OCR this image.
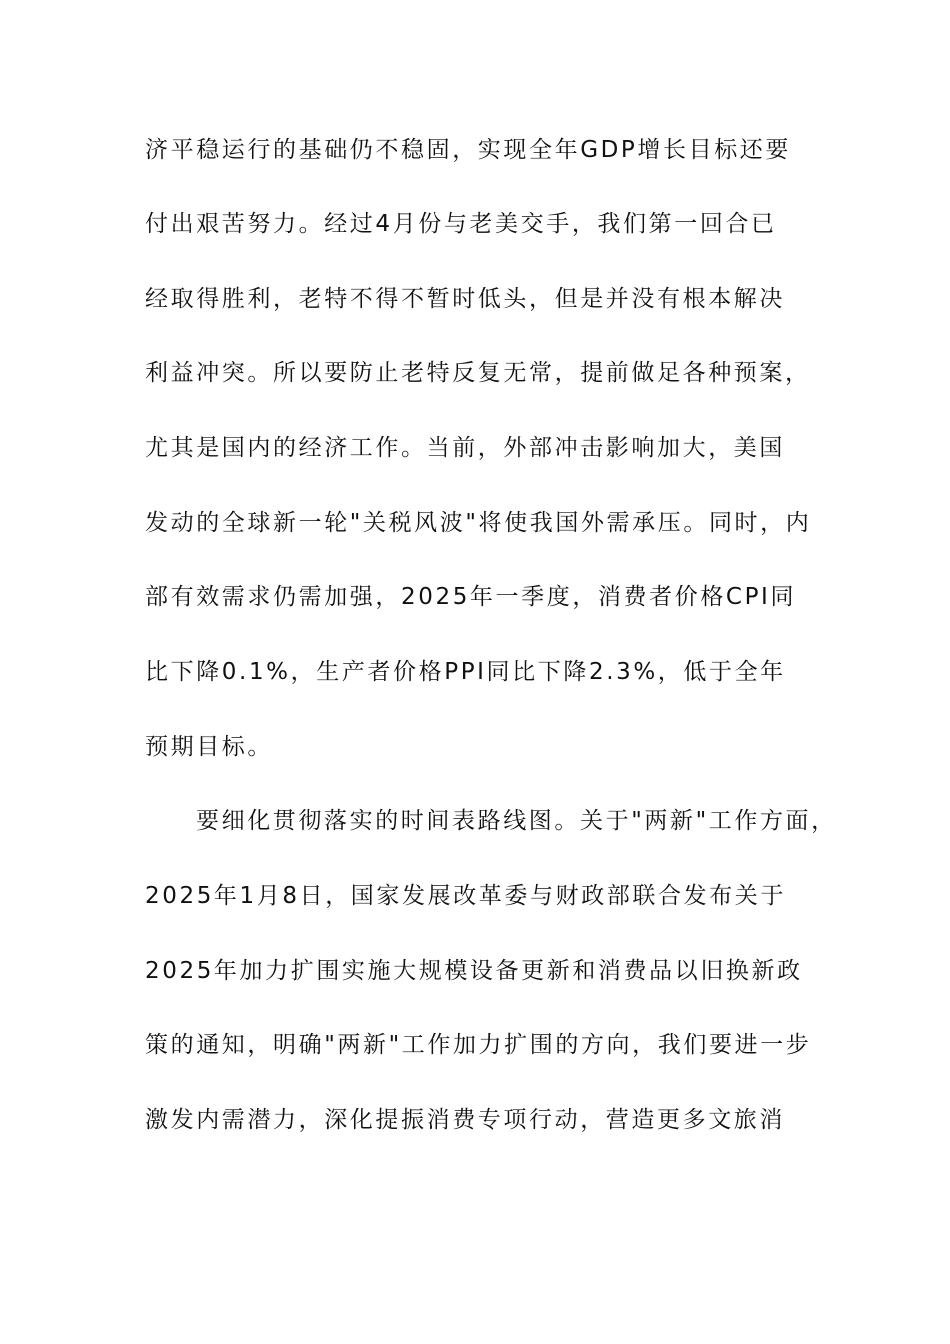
济平稳运行的基础仍不稳固，实现全年GDP增长目标还要
付出艰苦努力。经过4月份与老美交手，我们第一回合已
经取得胜利，老特不得不暂时低头，但是并没有根本解决
利益冲突。所以要防止老特反复无常，提前做足各种预案，
尤其是国内的经济工作。当前，外部冲击影响加大，美国
发动的全球新一轮"关税风波"将使我国外需承压。同时，内
部有效需求仍需加强，2025年一季度，消费者价格CPI同
比下降0.1%，生产者价格PPI同比下降2.3%，低于全年
预期目标。
要细化贯彻落实的时间表路线图。关于"两新"工作方面，
2025年1月8日，国家发展改革委与财政部联合发布关于
2025年加力扩围实施大规模设备更新和消费品以旧换新政
策的通知，明确"两新"工作加力扩围的方向，我们要进一步
激发内需潜力，深化提振消费专项行动，营造更多文旅消
